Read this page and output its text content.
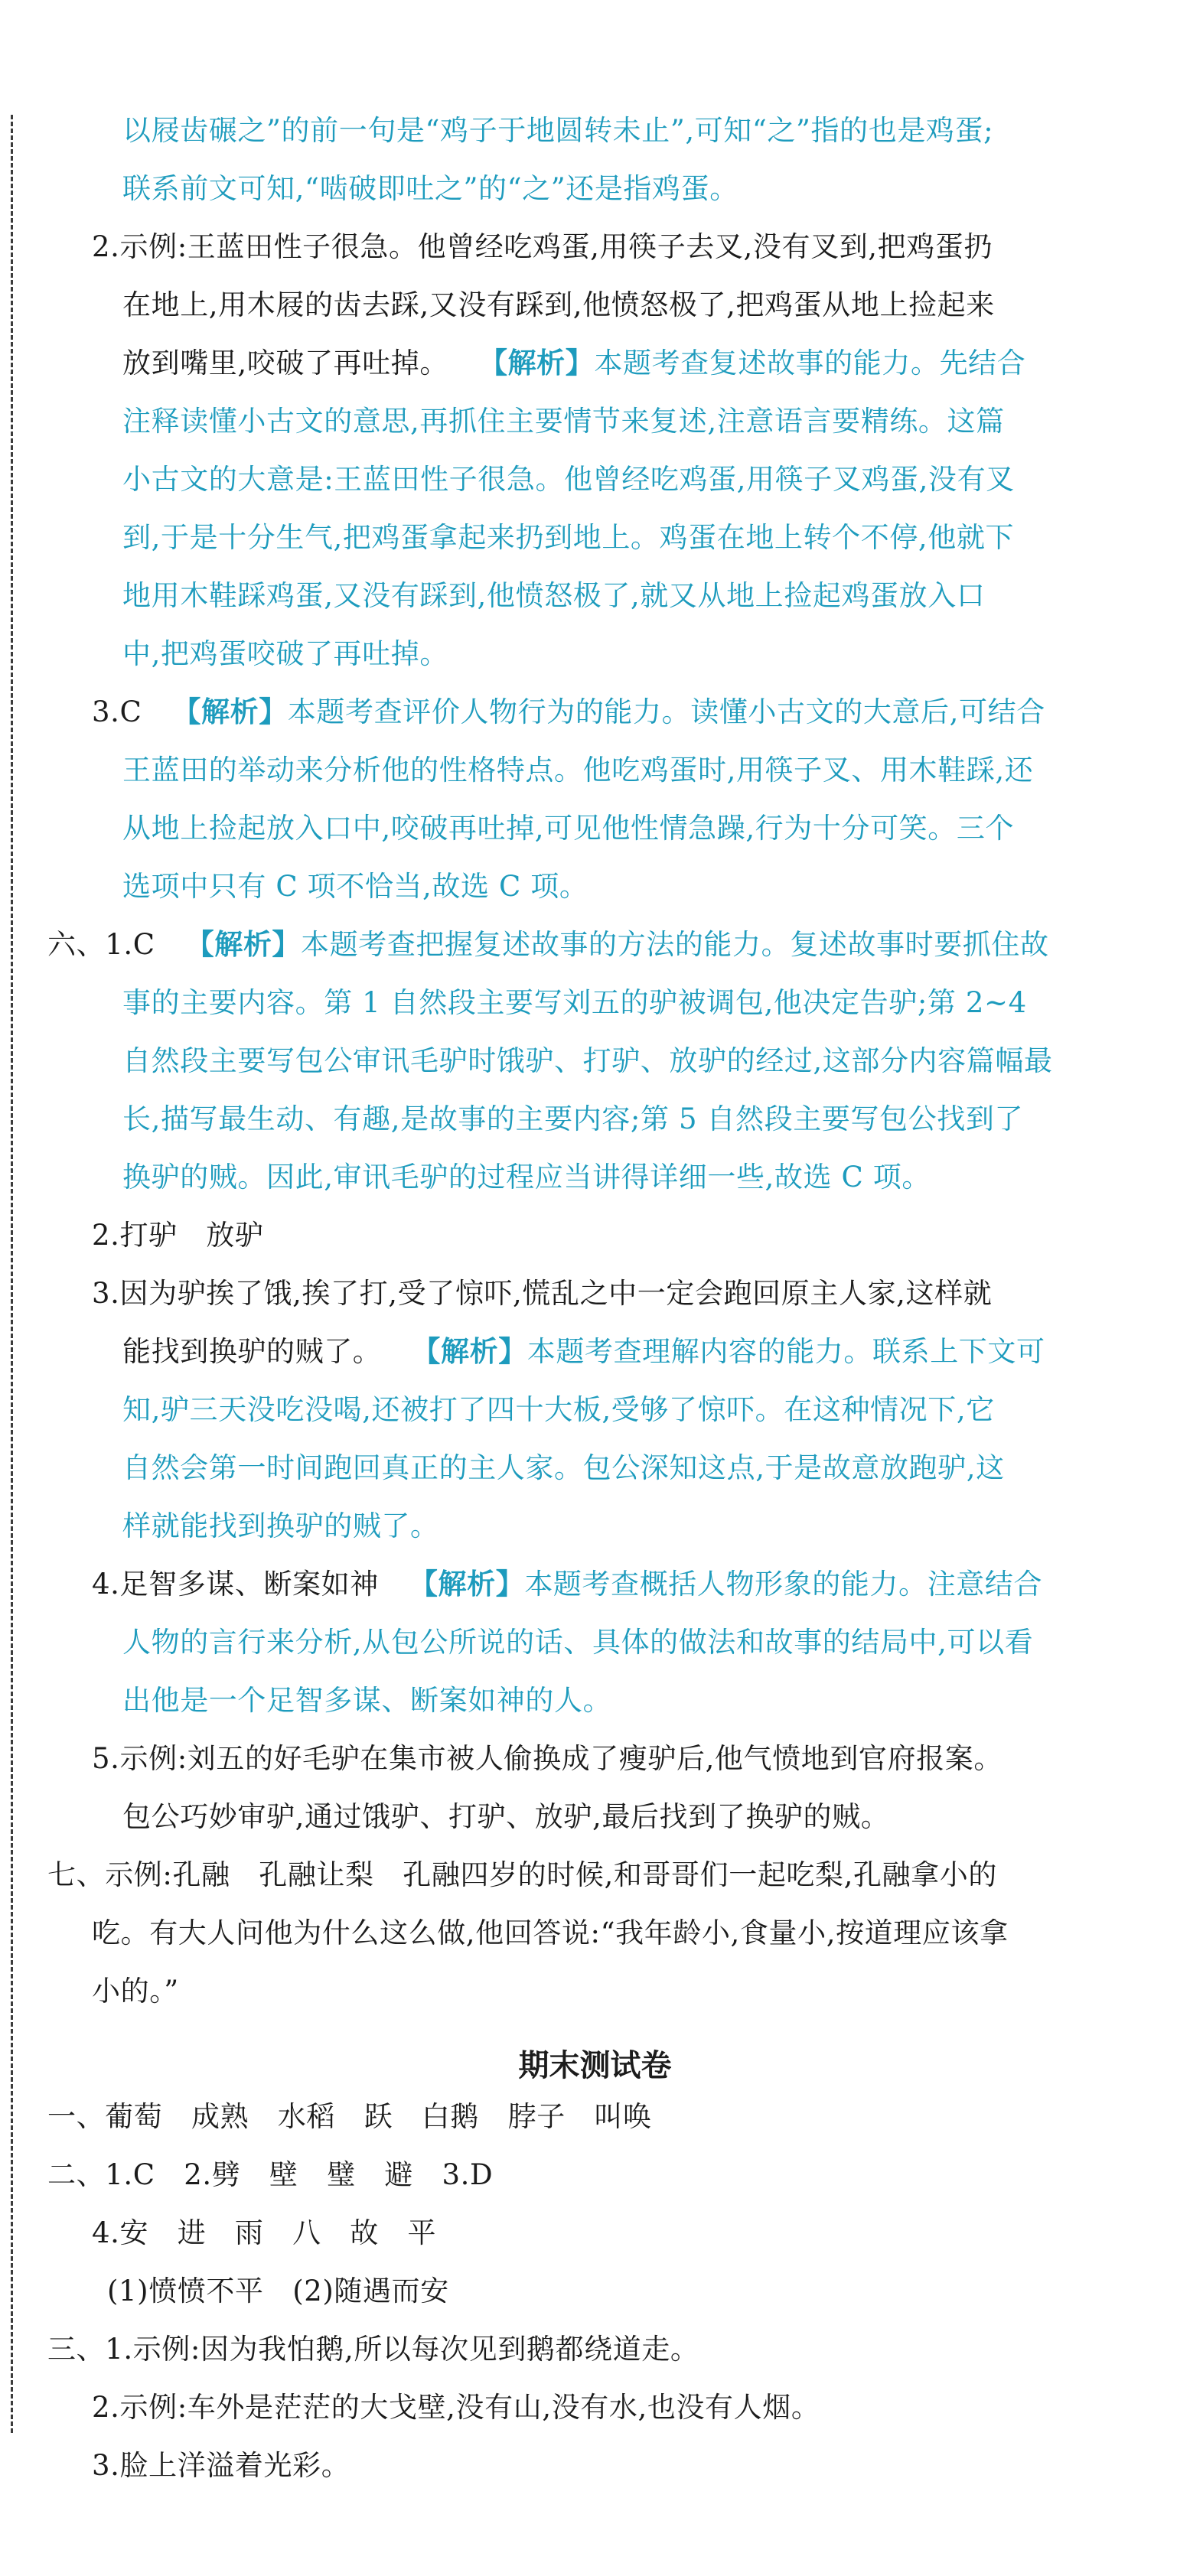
以屐齿碾之”的前一句是“鸡子于地圆转未止”,可知“之”指的也是鸡蛋;
联系前文可知,“啮破即吐之”的“之”还是指鸡蛋。
2.示例:王蓝田性子很急。他曾经吃鸡蛋,用筷子去叉,没有叉到,把鸡蛋扔
在地上,用木屐的齿去踩,又没有踩到,他愤怒极了,把鸡蛋从地上捡起来
放到嘴里,咬破了再吐掉。 【解析】本题考查复述故事的能力。先结合
注释读懂小古文的意思,再抓住主要情节来复述,注意语言要精练。这篇
小古文的大意是:王蓝田性子很急。他曾经吃鸡蛋,用筷子叉鸡蛋,没有叉
到,于是十分生气,把鸡蛋拿起来扔到地上。鸡蛋在地上转个不停,他就下
地用木鞋踩鸡蛋,又没有踩到,他愤怒极了,就又从地上捡起鸡蛋放入口
中,把鸡蛋咬破了再吐掉。
3.C 【解析】本题考查评价人物行为的能力。读懂小古文的大意后,可结合
王蓝田的举动来分析他的性格特点。他吃鸡蛋时,用筷子叉、用木鞋踩,还
从地上捡起放入口中,咬破再吐掉,可见他性情急躁,行为十分可笑。三个
选项中只有 C 项不恰当,故选 C 项。
六、1.C 【解析】本题考查把握复述故事的方法的能力。复述故事时要抓住故
事的主要内容。第 1 自然段主要写刘五的驴被调包,他决定告驴;第 2~4
自然段主要写包公审讯毛驴时饿驴、打驴、放驴的经过,这部分内容篇幅最
长,描写最生动、有趣,是故事的主要内容;第 5 自然段主要写包公找到了
换驴的贼。因此,审讯毛驴的过程应当讲得详细一些,故选 C 项。
2.打驴　放驴
3.因为驴挨了饿,挨了打,受了惊吓,慌乱之中一定会跑回原主人家,这样就
能找到换驴的贼了。 【解析】本题考查理解内容的能力。联系上下文可
知,驴三天没吃没喝,还被打了四十大板,受够了惊吓。在这种情况下,它
自然会第一时间跑回真正的主人家。包公深知这点,于是故意放跑驴,这
样就能找到换驴的贼了。
4.足智多谋、断案如神 【解析】本题考查概括人物形象的能力。注意结合
人物的言行来分析,从包公所说的话、具体的做法和故事的结局中,可以看
出他是一个足智多谋、断案如神的人。
5.示例:刘五的好毛驴在集市被人偷换成了瘦驴后,他气愤地到官府报案。
包公巧妙审驴,通过饿驴、打驴、放驴,最后找到了换驴的贼。
七、示例:孔融　孔融让梨　孔融四岁的时候,和哥哥们一起吃梨,孔融拿小的
吃。有大人问他为什么这么做,他回答说:“我年龄小,食量小,按道理应该拿
小的。”
期末测试卷
一、葡萄　成熟　水稻　跃　白鹅　脖子　叫唤
二、1.C　2.劈　壁　璧　避　3.D
4.安　进　雨　八　故　平
(1)愤愤不平　(2)随遇而安
三、1.示例:因为我怕鹅,所以每次见到鹅都绕道走。
2.示例:车外是茫茫的大戈壁,没有山,没有水,也没有人烟。
3.脸上洋溢着光彩。
